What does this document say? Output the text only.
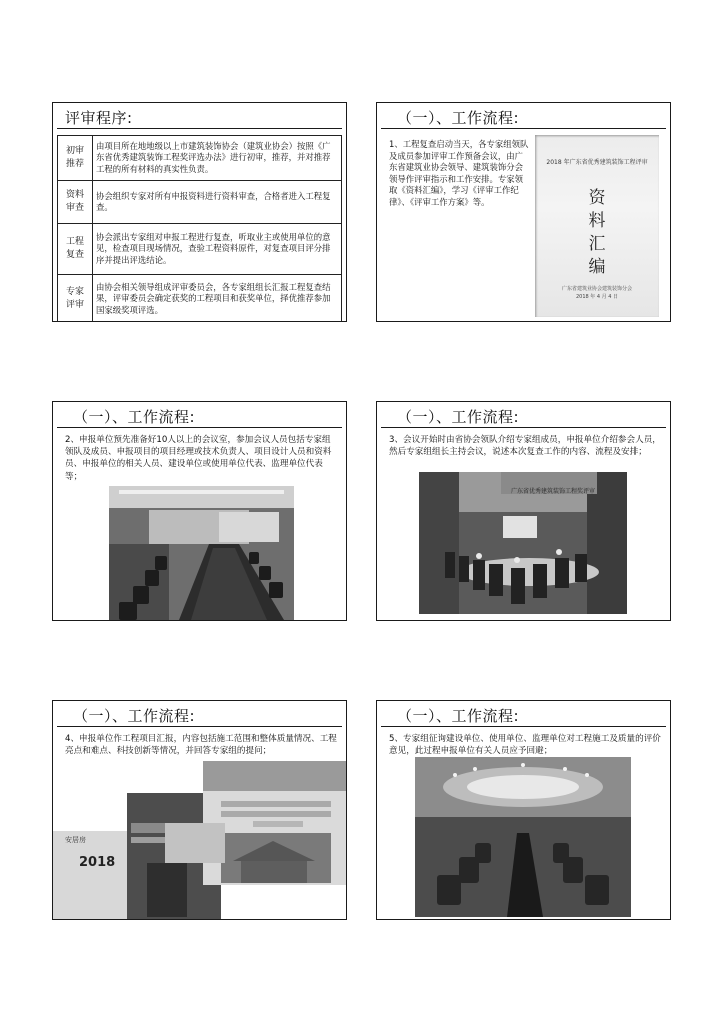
评审程序:
初审
推荐	由项目所在地地级以上市建筑装饰协会（建筑业协会）按照《广东省优秀建筑装饰工程奖评选办法》进行初审，推荐，并对推荐工程的所有材料的真实性负责。
资料
审查	协会组织专家对所有申报资料进行资料审查，合格者进入工程复查。
工程
复查	协会派出专家组对申报工程进行复查，听取业主或使用单位的意见，检查项目现场情况，查验工程资料原件，对复查项目评分排序并提出评选结论。
专家
评审	由协会相关领导组成评审委员会，各专家组组长汇报工程复查结果，评审委员会确定获奖的工程项目和获奖单位，择优推荐参加国家级奖项评选。
（一）、工作流程:
1、工程复查启动当天，各专家组领队及成员参加评审工作预备会议，由广东省建筑业协会领导、建筑装饰分会领导作评审指示和工作安排。专家领取《资料汇编》，学习《评审工作纪律》、《评审工作方案》等。
2018 年广东省优秀建筑装饰工程评审
资
料
汇
编
广东省建筑业协会建筑装饰分会
2018 年 4 月 4 日
（一）、工作流程:
2、申报单位预先准备好10人以上的会议室，参加会议人员包括专家组领队及成员、申报项目的项目经理或技术负责人、项目设计人员和资料员、申报单位的相关人员、建设单位或使用单位代表、监理单位代表等；
（一）、工作流程:
3、会议开始时由省协会领队介绍专家组成员，申报单位介绍参会人员，然后专家组组长主持会议，说述本次复查工作的内容、流程及安排；
广东省优秀建筑装饰工程奖评审
（一）、工作流程:
4、申报单位作工程项目汇报，内容包括施工范围和整体质量情况、工程亮点和难点、科技创新等情况，并回答专家组的提问；
安居房
2018
（一）、工作流程:
5、专家组征询建设单位、使用单位、监理单位对工程施工及质量的评价意见，此过程申报单位有关人员应予回避；
